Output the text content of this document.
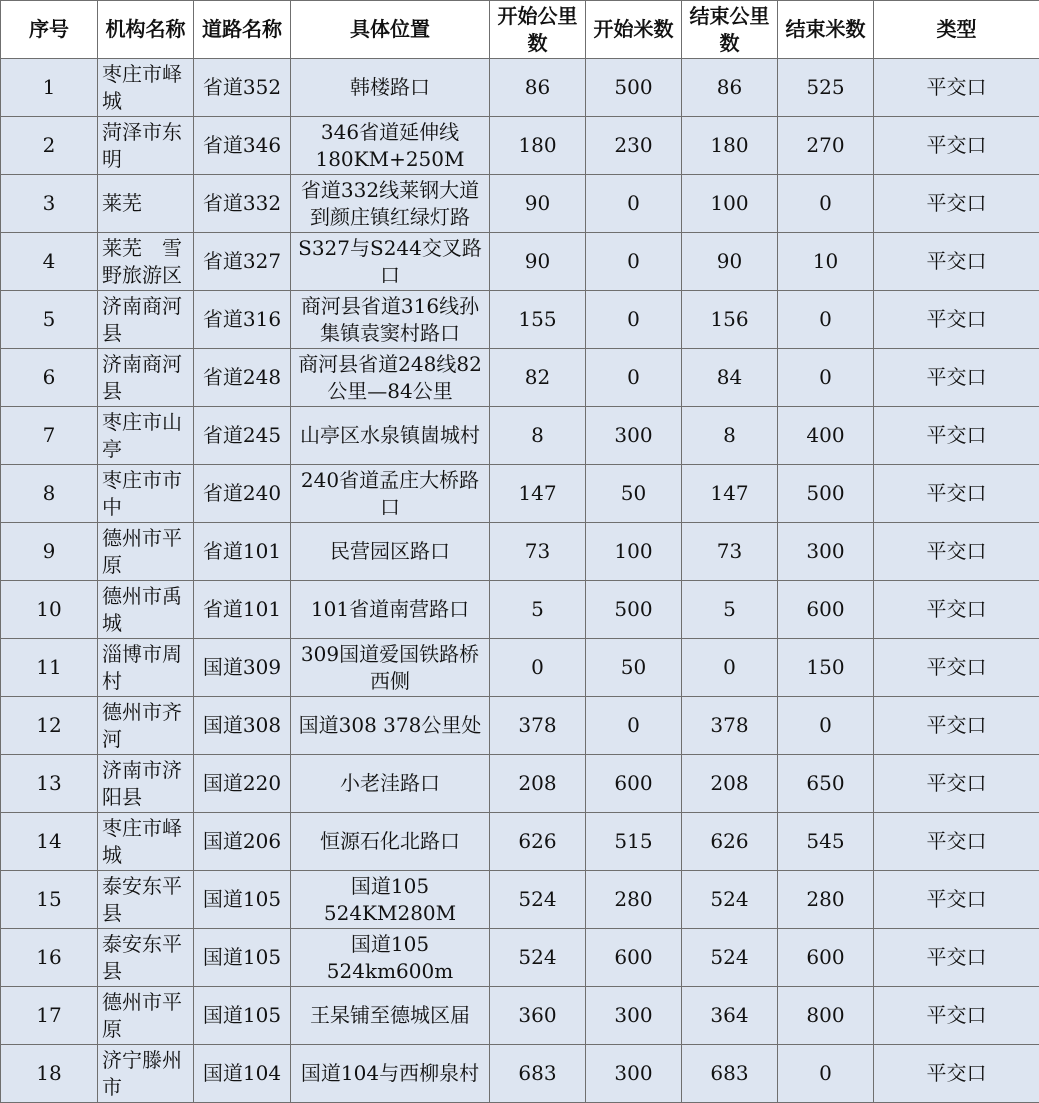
序号	机构名称	道路名称	具体位置	开始公里数	开始米数	结束公里数	结束米数	类型
1	枣庄市峄城	省道352	韩楼路口	86	500	86	525	平交口
2	菏泽市东明	省道346	346省道延伸线180KM+250M	180	230	180	270	平交口
3	莱芜	省道332	省道332线莱钢大道到颜庄镇红绿灯路	90	0	100	0	平交口
4	莱芜　雪野旅游区	省道327	S327与S244交叉路口	90	0	90	10	平交口
5	济南商河县	省道316	商河县省道316线孙集镇袁窦村路口	155	0	156	0	平交口
6	济南商河县	省道248	商河县省道248线82公里—84公里	82	0	84	0	平交口
7	枣庄市山亭	省道245	山亭区水泉镇崮城村	8	300	8	400	平交口
8	枣庄市市中	省道240	240省道孟庄大桥路口	147	50	147	500	平交口
9	德州市平原	省道101	民营园区路口	73	100	73	300	平交口
10	德州市禹城	省道101	101省道南营路口	5	500	5	600	平交口
11	淄博市周村	国道309	309国道爱国铁路桥西侧	0	50	0	150	平交口
12	德州市齐河	国道308	国道308 378公里处	378	0	378	0	平交口
13	济南市济阳县	国道220	小老洼路口	208	600	208	650	平交口
14	枣庄市峄城	国道206	恒源石化北路口	626	515	626	545	平交口
15	泰安东平县	国道105	国道105 524KM280M	524	280	524	280	平交口
16	泰安东平县	国道105	国道105 524km600m	524	600	524	600	平交口
17	德州市平原	国道105	王杲铺至德城区届	360	300	364	800	平交口
18	济宁滕州市	国道104	国道104与西柳泉村	683	300	683	0	平交口
